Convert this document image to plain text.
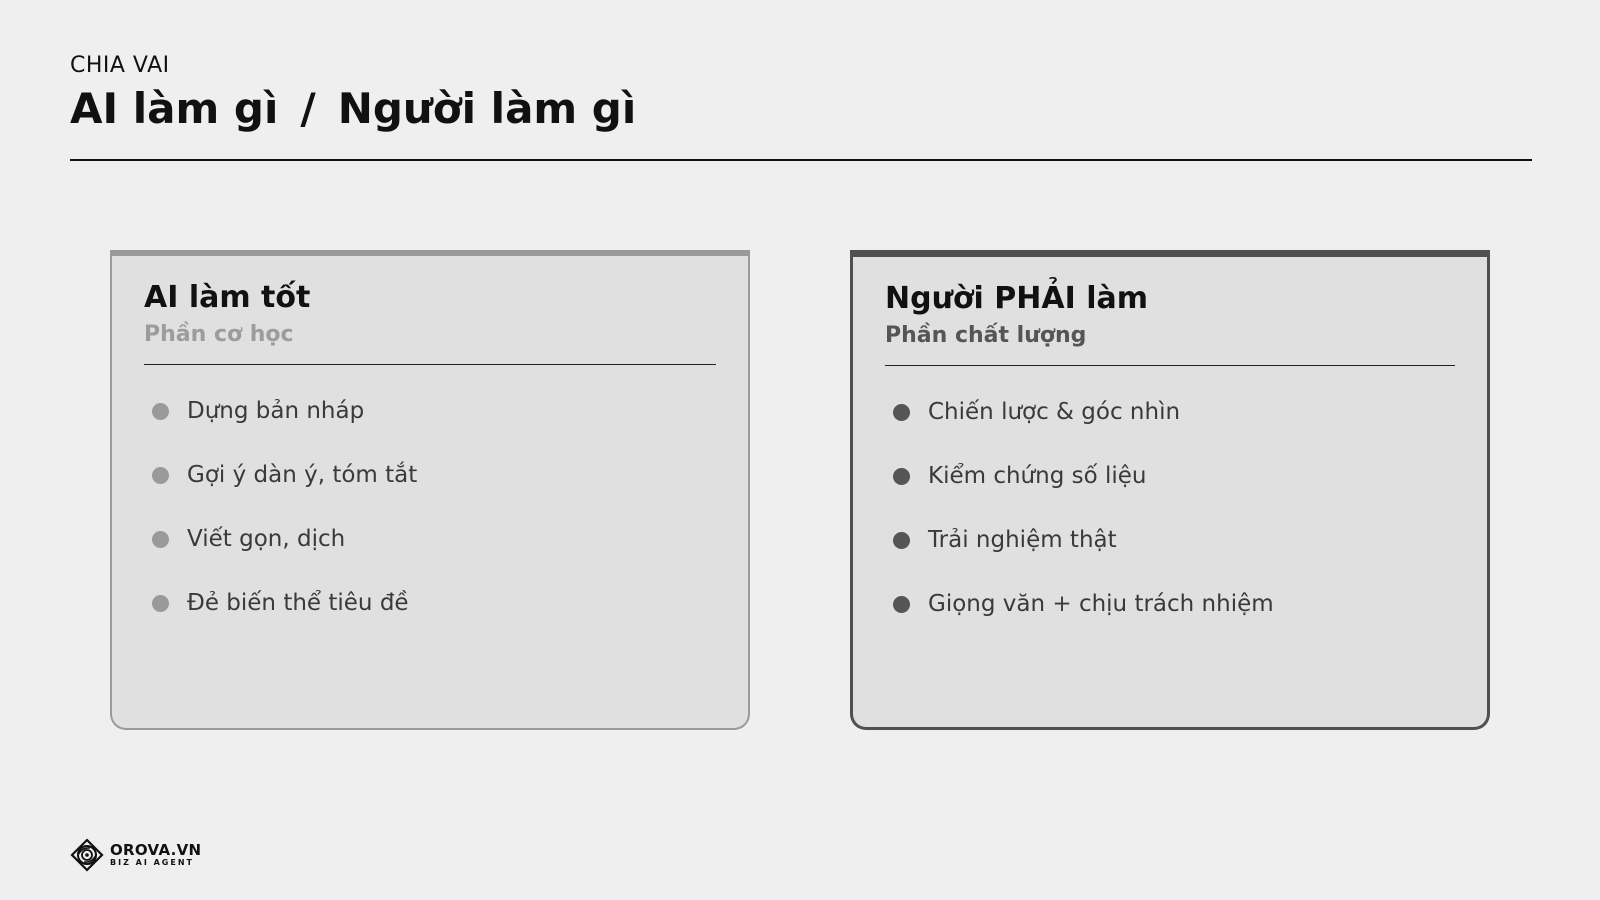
CHIA VAI
AI làm gì / Người làm gì
AI làm tốt
Phần cơ học
Dựng bản nháp
Gợi ý dàn ý, tóm tắt
Viết gọn, dịch
Đẻ biến thể tiêu đề
Người PHẢI làm
Phần chất lượng
Chiến lược & góc nhìn
Kiểm chứng số liệu
Trải nghiệm thật
Giọng văn + chịu trách nhiệm
OROVA.VN
BIZ AI AGENT
